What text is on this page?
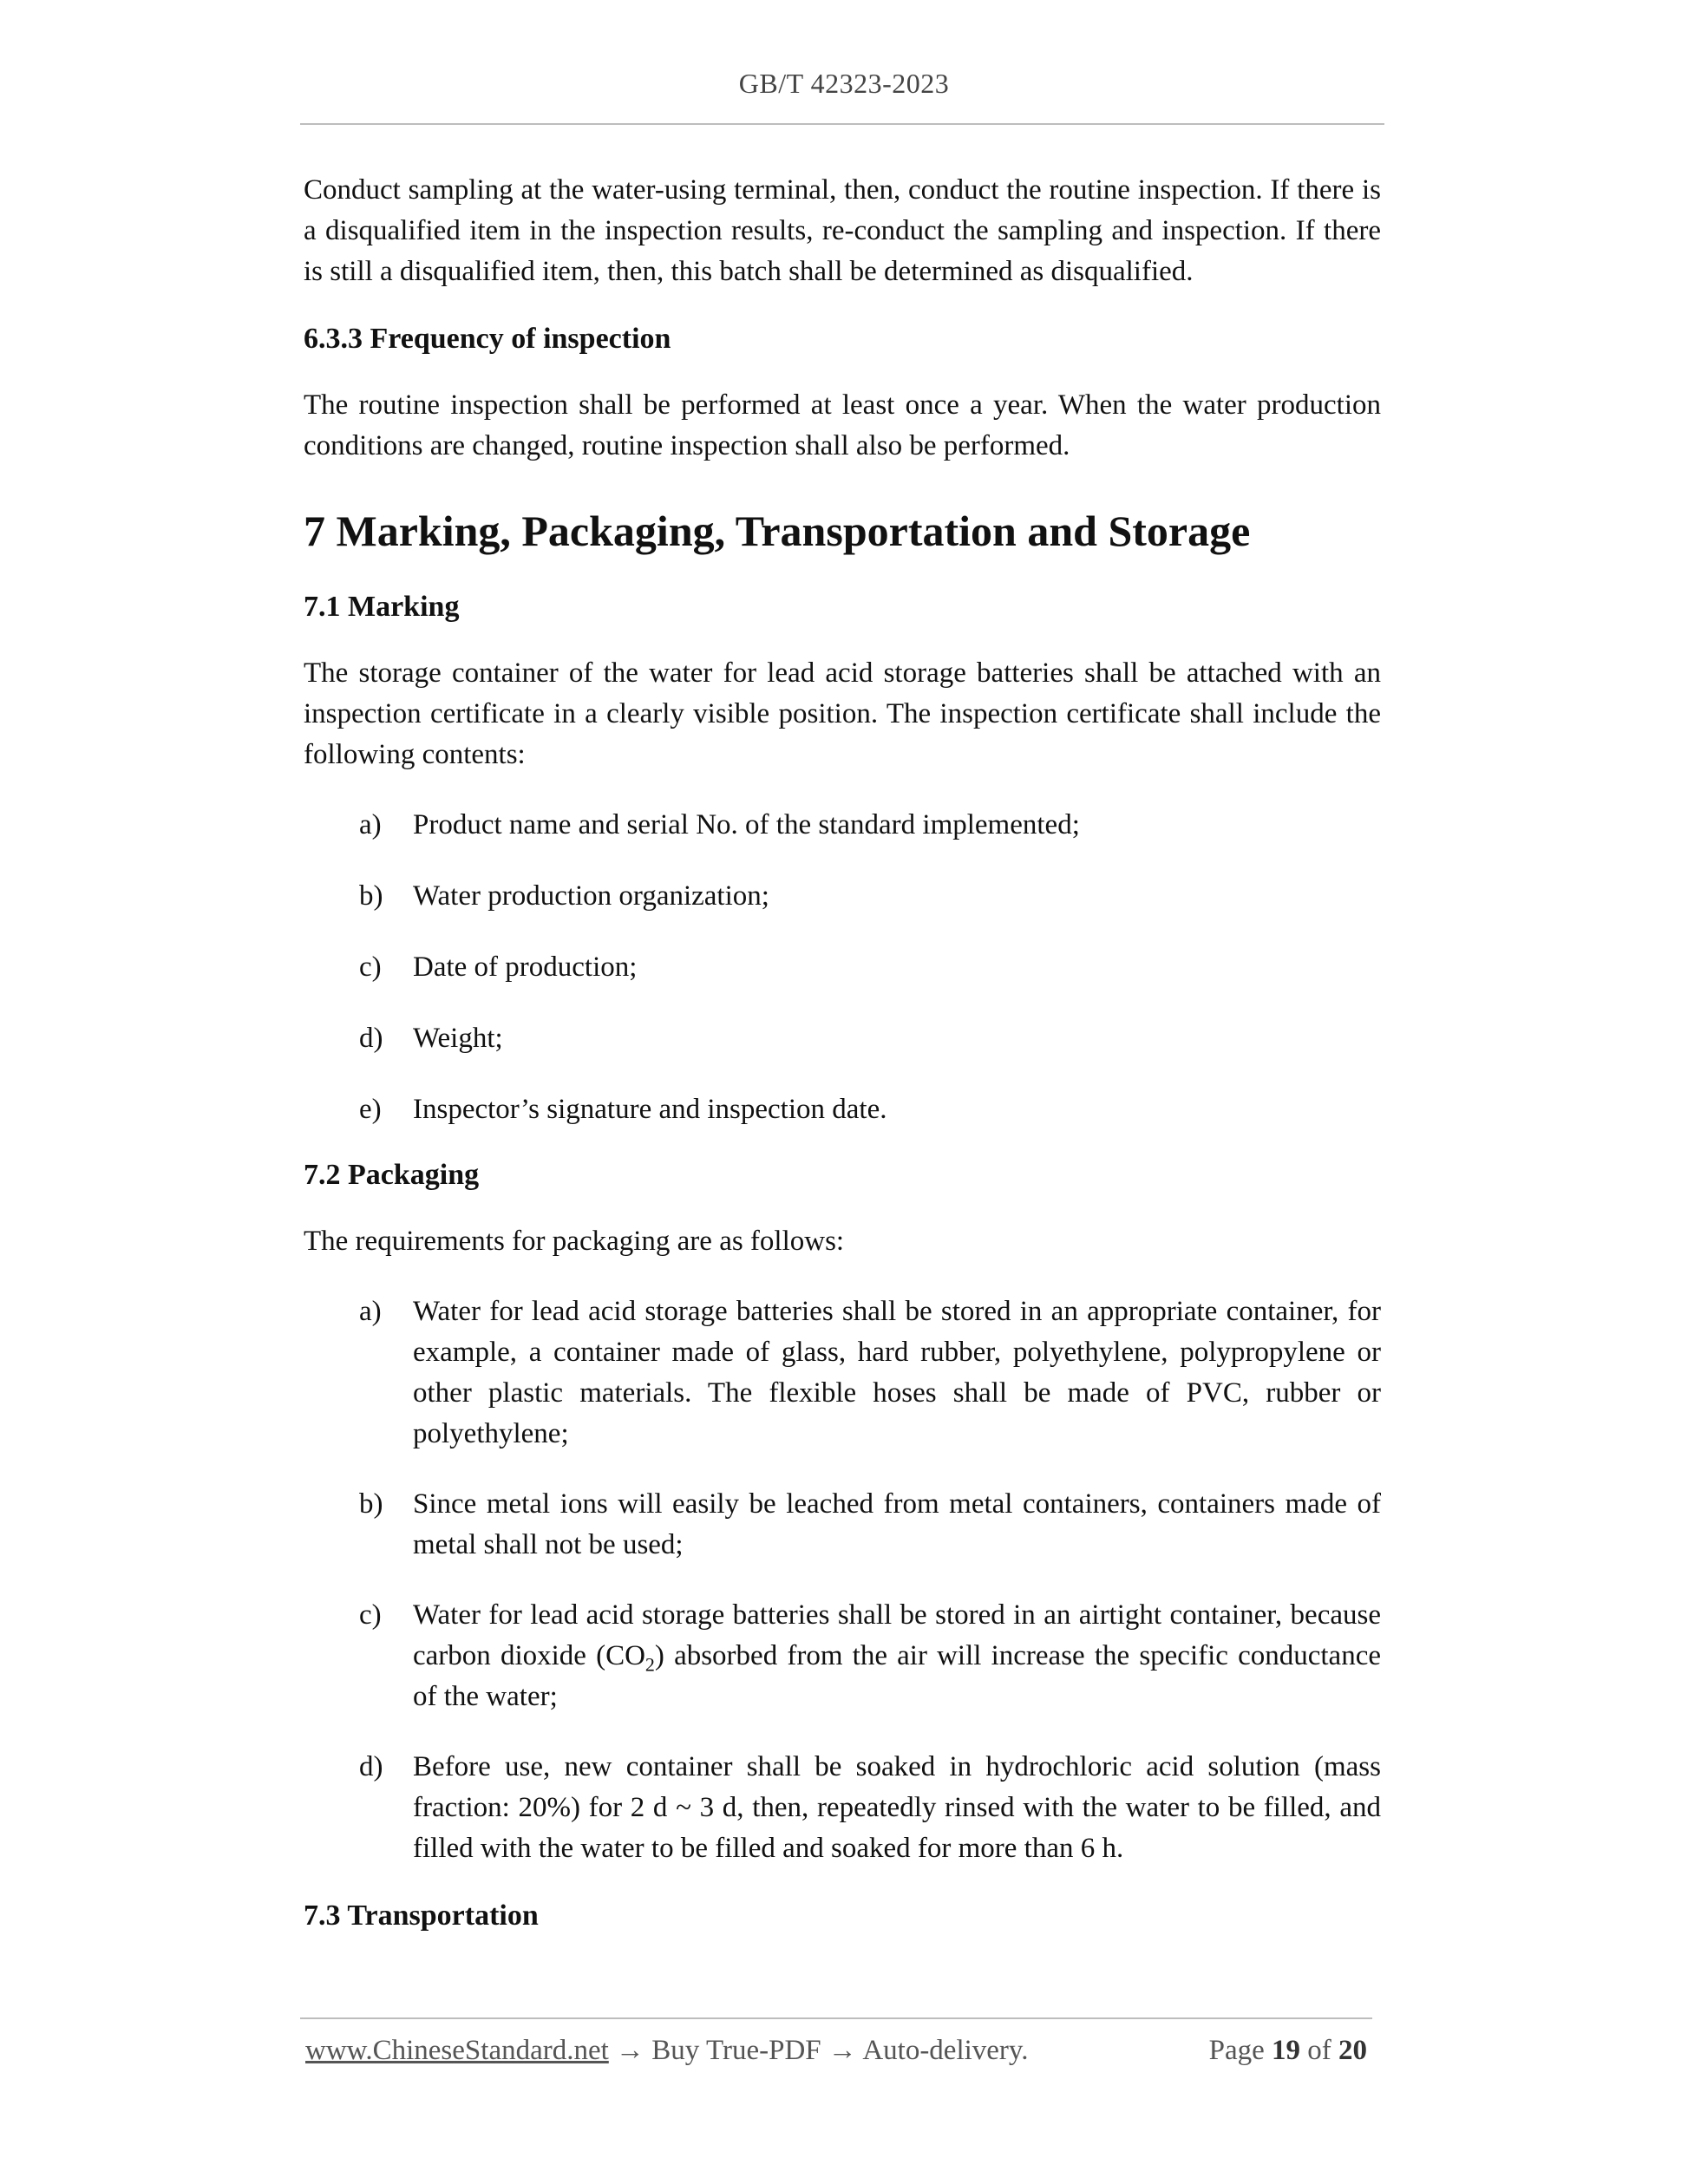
GB/T 42323-2023

Conduct sampling at the water-using terminal, then, conduct the routine inspection. If there is a disqualified item in the inspection results, re-conduct the sampling and inspection. If there is still a disqualified item, then, this batch shall be determined as disqualified.

6.3.3 Frequency of inspection

The routine inspection shall be performed at least once a year. When the water production conditions are changed, routine inspection shall also be performed.

7 Marking, Packaging, Transportation and Storage
7.1 Marking

The storage container of the water for lead acid storage batteries shall be attached with an inspection certificate in a clearly visible position. The inspection certificate shall include the following contents:

a) Product name and serial No. of the standard implemented;
b) Water production organization;
c) Date of production;
d) Weight;
e) Inspector’s signature and inspection date.
7.2 Packaging

The requirements for packaging are as follows:

a) Water for lead acid storage batteries shall be stored in an appropriate container, for example, a container made of glass, hard rubber, polyethylene, polypropylene or other plastic materials. The flexible hoses shall be made of PVC, rubber or polyethylene;
b) Since metal ions will easily be leached from metal containers, containers made of metal shall not be used;
c) Water for lead acid storage batteries shall be stored in an airtight container, because carbon dioxide $(CO_2)$ absorbed from the air will increase the specific conductance of the water;
d) Before use, new container shall be soaked in hydrochloric acid solution (mass fraction: 20%) for 2 d ~ 3 d, then, repeatedly rinsed with the water to be filled, and filled with the water to be filled and soaked for more than 6 h.
7.3 Transportation
www.ChineseStandard.net → Buy True-PDF → Auto-delivery.	Page 19 of 20
